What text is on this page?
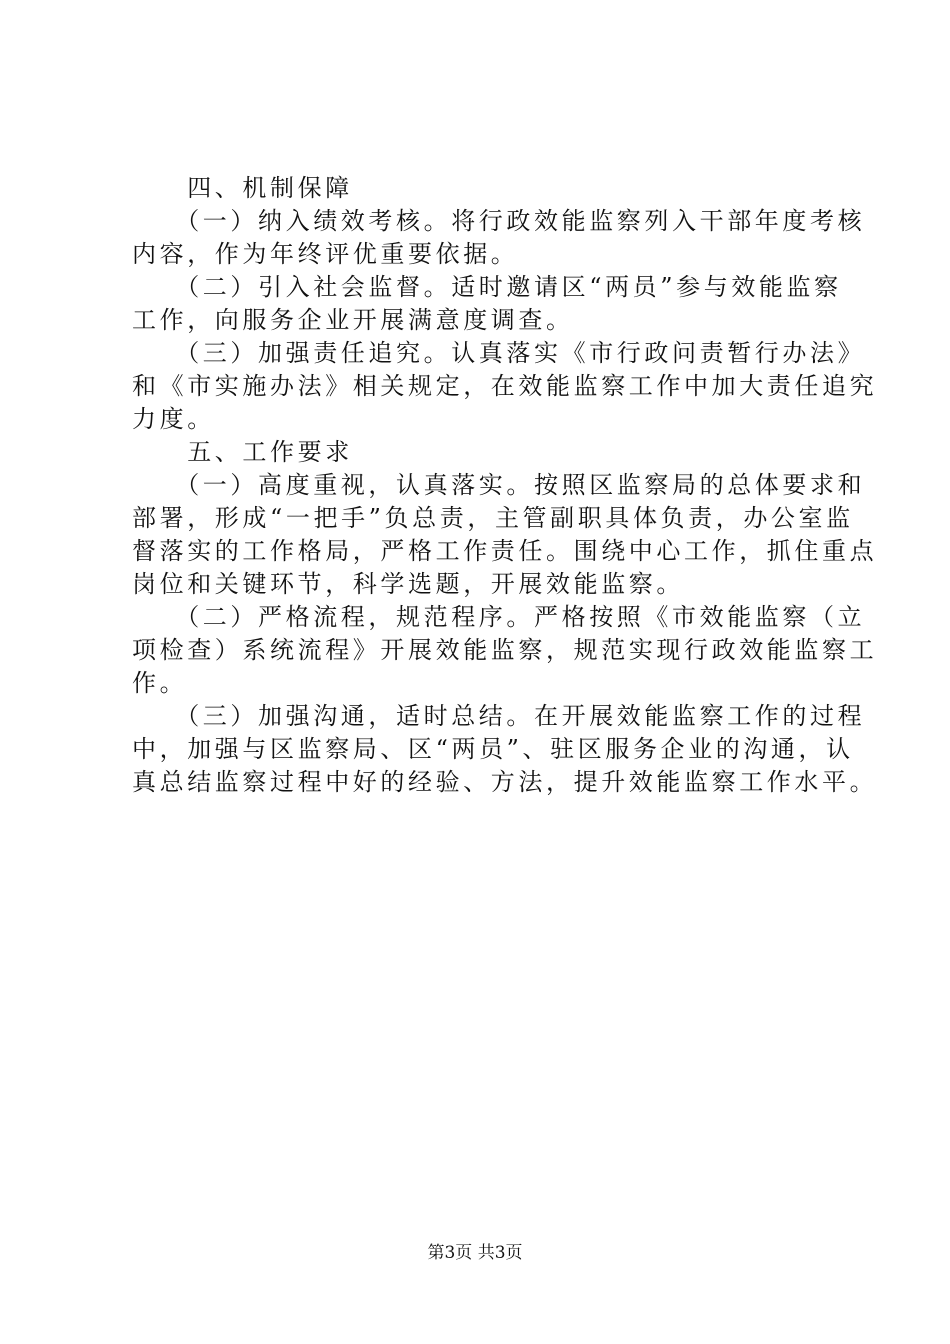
　　四、机制保障
　　（一）纳入绩效考核。将行政效能监察列入干部年度考核
内容，作为年终评优重要依据。
　　（二）引入社会监督。适时邀请区“两员”参与效能监察
工作，向服务企业开展满意度调查。
　　（三）加强责任追究。认真落实《市行政问责暂行办法》
和《市实施办法》相关规定，在效能监察工作中加大责任追究
力度。
　　五、工作要求
　　（一）高度重视，认真落实。按照区监察局的总体要求和
部署，形成“一把手”负总责，主管副职具体负责，办公室监
督落实的工作格局，严格工作责任。围绕中心工作，抓住重点
岗位和关键环节，科学选题，开展效能监察。
　　（二）严格流程，规范程序。严格按照《市效能监察（立
项检查）系统流程》开展效能监察，规范实现行政效能监察工
作。
　　（三）加强沟通，适时总结。在开展效能监察工作的过程
中，加强与区监察局、区“两员”、驻区服务企业的沟通，认
真总结监察过程中好的经验、方法，提升效能监察工作水平。
第3页 共3页
